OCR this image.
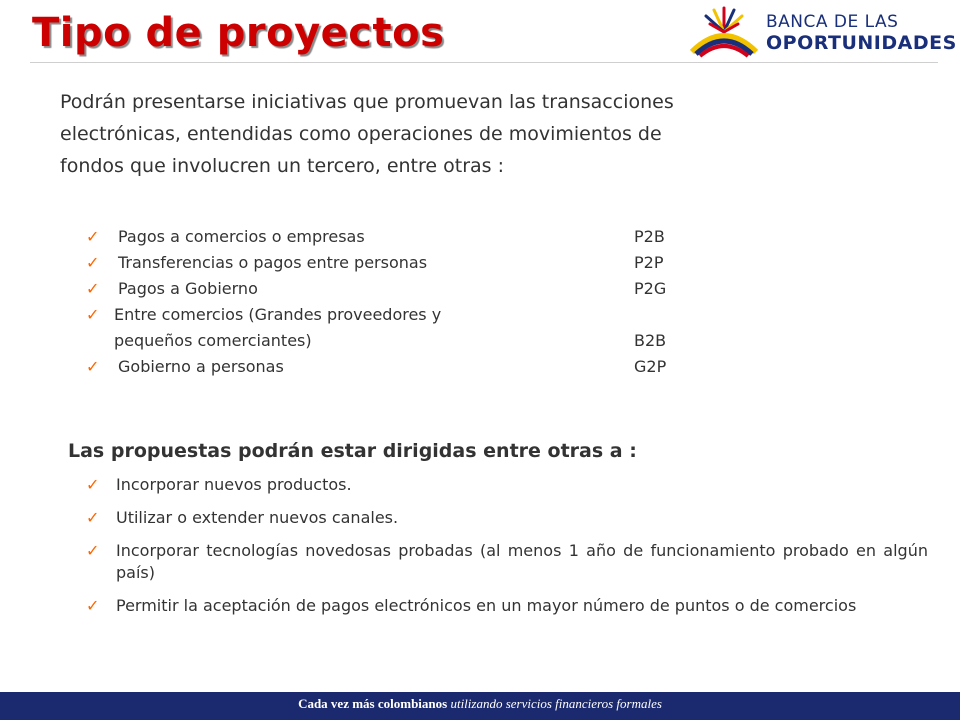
Tipo de proyectos	BANCA DE LAS
OPORTUNIDADES
Podrán presentarse iniciativas que promuevan las transacciones
electrónicas, entendidas como operaciones de movimientos de
fondos que involucren un tercero, entre otras :
✓ Pagos a comercios o empresas	P2B
✓ Transferencias o pagos entre personas	P2P
✓ Pagos a Gobierno	P2G
✓ Entre comercios (Grandes proveedores y
pequeños comerciantes)	B2B
✓ Gobierno a personas	G2P
Las propuestas podrán estar dirigidas entre otras a :
✓ Incorporar nuevos productos.
✓ Utilizar o extender nuevos canales.
✓ Incorporar tecnologías novedosas probadas (al menos 1 año de funcionamiento probado en algún país)
✓ Permitir la aceptación de pagos electrónicos en un mayor número de puntos o de comercios
Cada vez más colombianos utilizando servicios financieros formales
